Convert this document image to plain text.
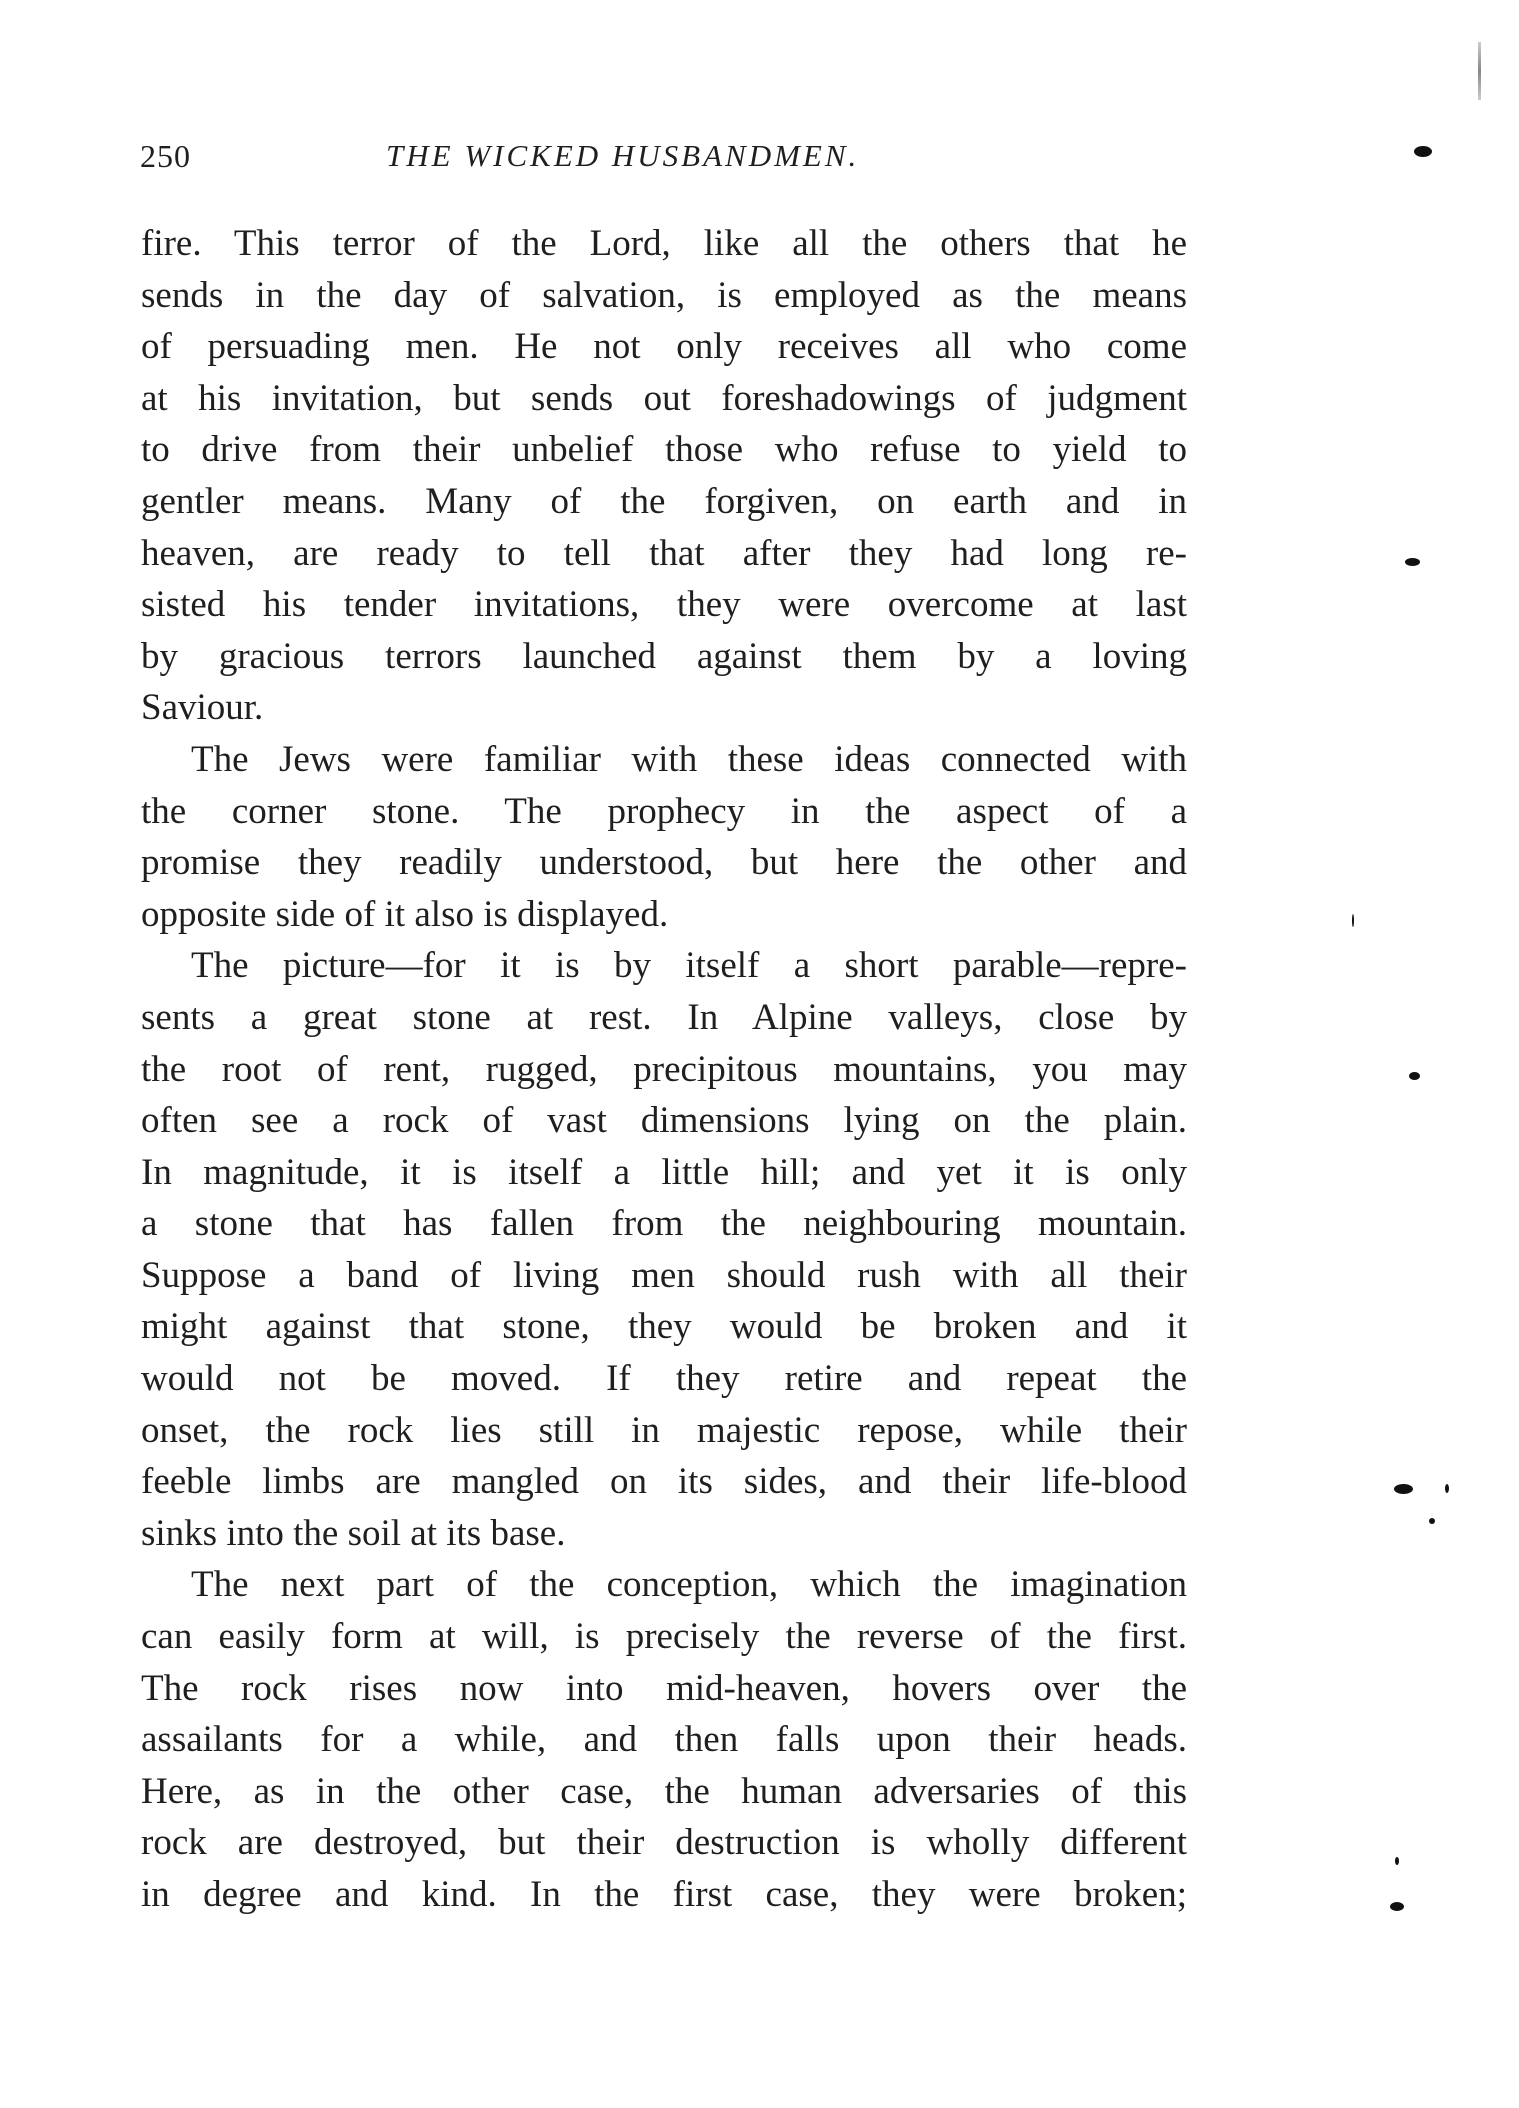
250	THE WICKED HUSBANDMEN.
fire. This terror of the Lord, like all the others that he
sends in the day of salvation, is employed as the means
of persuading men. He not only receives all who come
at his invitation, but sends out foreshadowings of judgment
to drive from their unbelief those who refuse to yield to
gentler means. Many of the forgiven, on earth and in
heaven, are ready to tell that after they had long re-
sisted his tender invitations, they were overcome at last
by gracious terrors launched against them by a loving
Saviour.
The Jews were familiar with these ideas connected with
the corner stone. The prophecy in the aspect of a
promise they readily understood, but here the other and
opposite side of it also is displayed.
The picture—for it is by itself a short parable—repre-
sents a great stone at rest. In Alpine valleys, close by
the root of rent, rugged, precipitous mountains, you may
often see a rock of vast dimensions lying on the plain.
In magnitude, it is itself a little hill; and yet it is only
a stone that has fallen from the neighbouring mountain.
Suppose a band of living men should rush with all their
might against that stone, they would be broken and it
would not be moved. If they retire and repeat the
onset, the rock lies still in majestic repose, while their
feeble limbs are mangled on its sides, and their life-blood
sinks into the soil at its base.
The next part of the conception, which the imagination
can easily form at will, is precisely the reverse of the first.
The rock rises now into mid-heaven, hovers over the
assailants for a while, and then falls upon their heads.
Here, as in the other case, the human adversaries of this
rock are destroyed, but their destruction is wholly different
in degree and kind. In the first case, they were broken;
